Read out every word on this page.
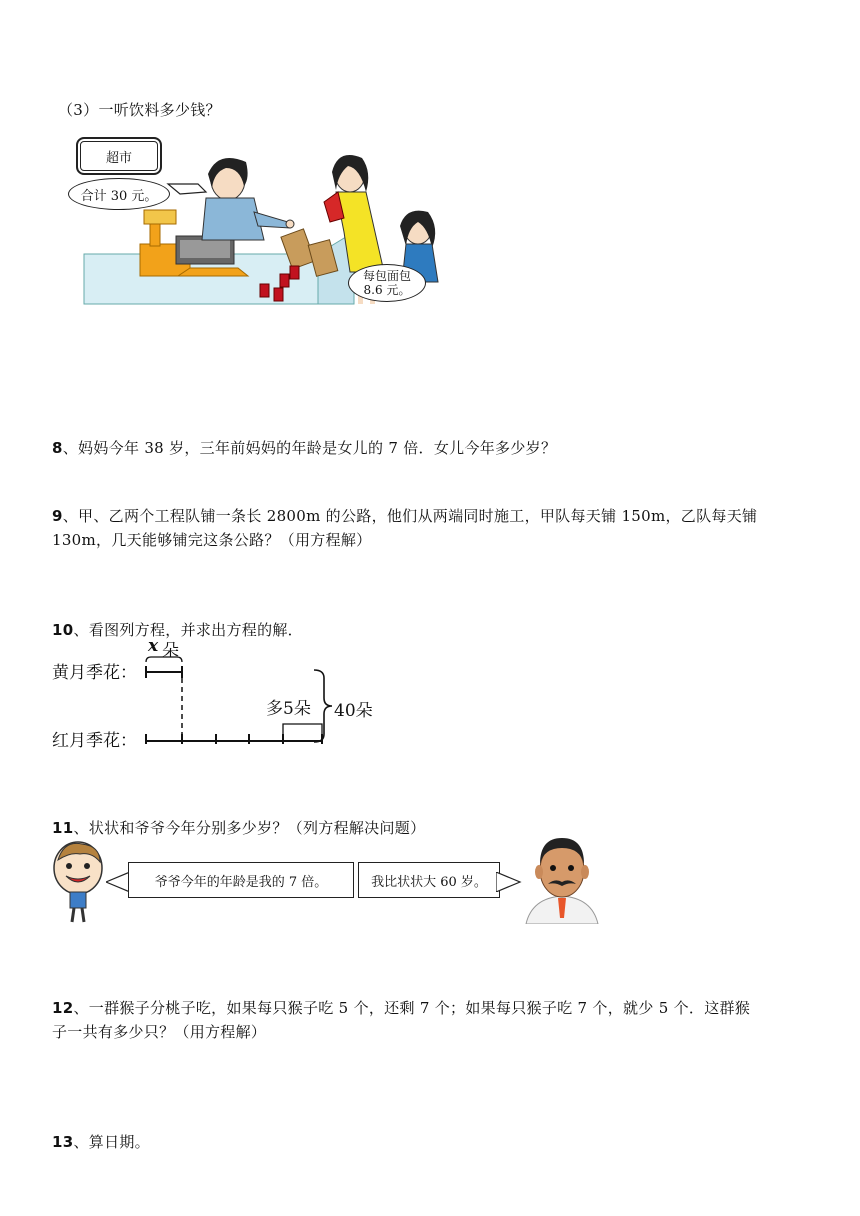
（3）一听饮料多少钱？
超市
合计 30 元。
每包面包
8.6 元。
8、妈妈今年 38 岁，三年前妈妈的年龄是女儿的 7 倍．女儿今年多少岁？
9、甲、乙两个工程队铺一条长 2800m 的公路，他们从两端同时施工，甲队每天铺 150m，乙队每天铺
130m，几天能够铺完这条公路？（用方程解）
10、看图列方程，并求出方程的解．
黄月季花：
红月季花：
x 朵
多5朵 40朵
11、状状和爷爷今年分别多少岁？（列方程解决问题）
爷爷今年的年龄是我的 7 倍。	我比状状大 60 岁。
12、一群猴子分桃子吃，如果每只猴子吃 5 个，还剩 7 个；如果每只猴子吃 7 个，就少 5 个．这群猴
子一共有多少只？（用方程解）
13、算日期。
